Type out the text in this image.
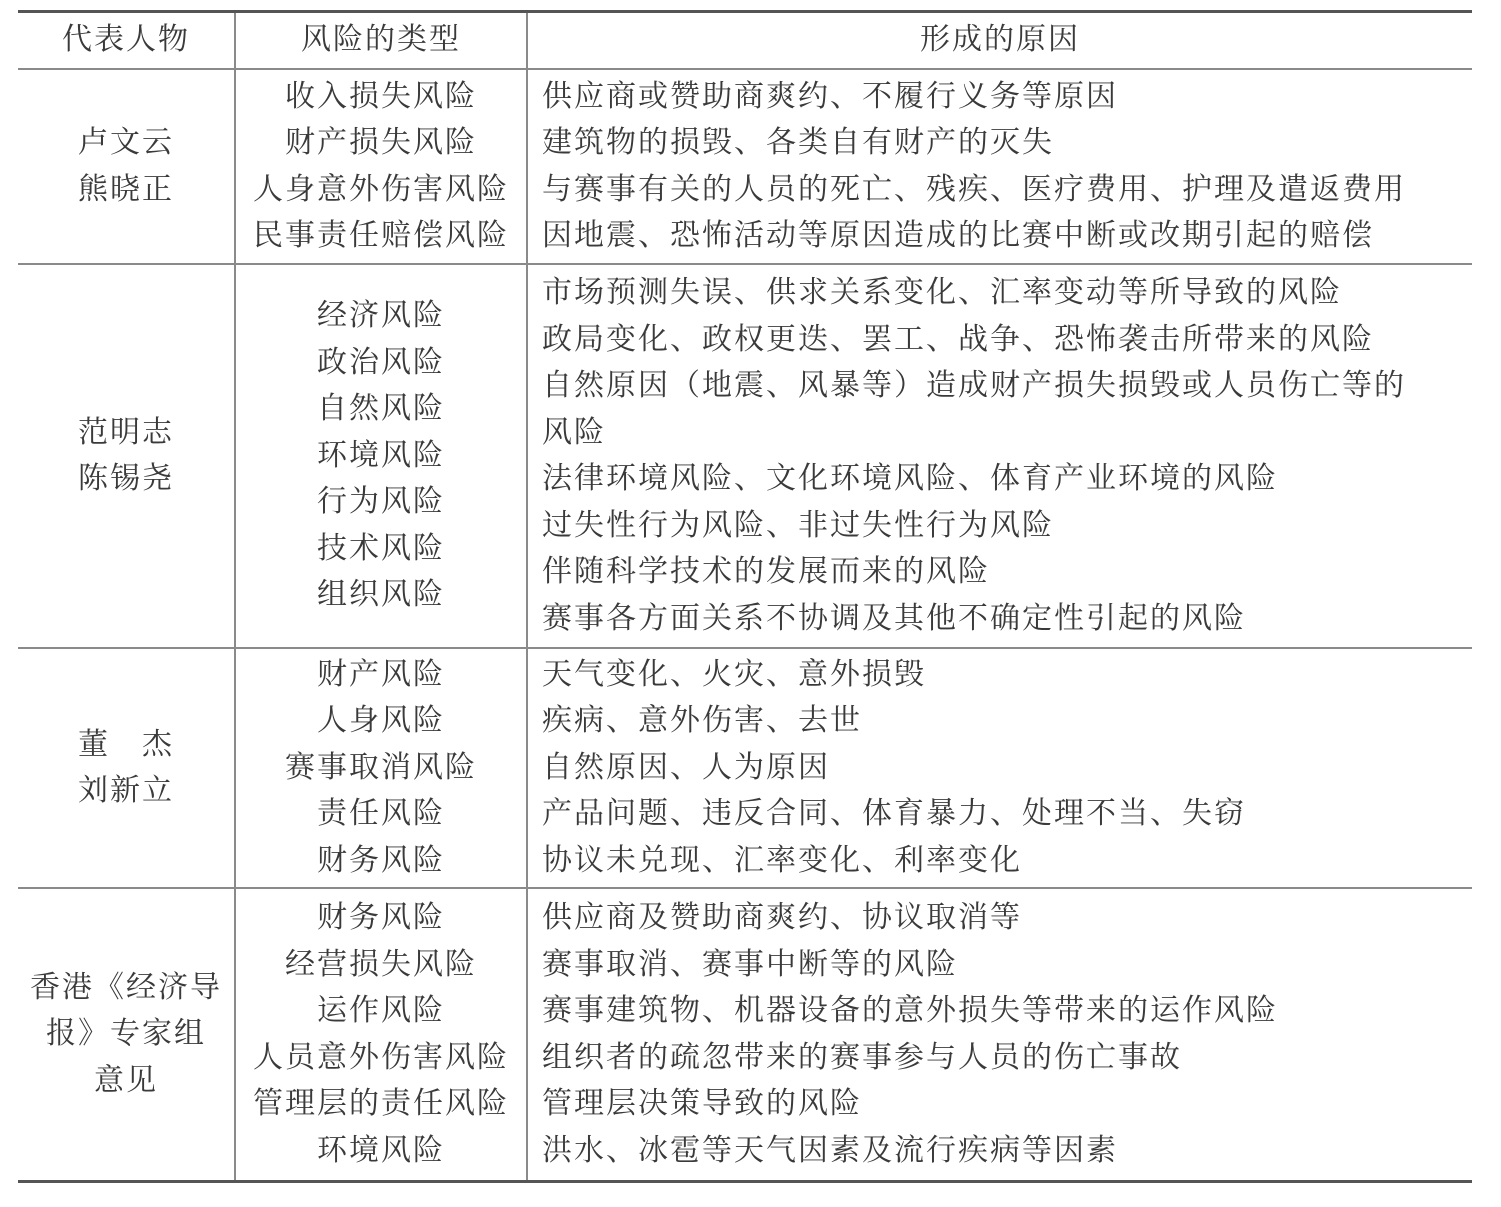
代表人物	风险的类型	形成的原因
卢文云
熊晓正
收入损失风险
财产损失风险
人身意外伤害风险
民事责任赔偿风险
供应商或赞助商爽约、不履行义务等原因
建筑物的损毁、各类自有财产的灭失
与赛事有关的人员的死亡、残疾、医疗费用、护理及遣返费用
因地震、恐怖活动等原因造成的比赛中断或改期引起的赔偿
范明志
陈锡尧
经济风险
政治风险
自然风险
环境风险
行为风险
技术风险
组织风险
市场预测失误、供求关系变化、汇率变动等所导致的风险
政局变化、政权更迭、罢工、战争、恐怖袭击所带来的风险
自然原因（地震、风暴等）造成财产损失损毁或人员伤亡等的
风险
法律环境风险、文化环境风险、体育产业环境的风险
过失性行为风险、非过失性行为风险
伴随科学技术的发展而来的风险
赛事各方面关系不协调及其他不确定性引起的风险
董　杰
刘新立
财产风险
人身风险
赛事取消风险
责任风险
财务风险
天气变化、火灾、意外损毁
疾病、意外伤害、去世
自然原因、人为原因
产品问题、违反合同、体育暴力、处理不当、失窃
协议未兑现、汇率变化、利率变化
香港《经济导
报》专家组
意见
财务风险
经营损失风险
运作风险
人员意外伤害风险
管理层的责任风险
环境风险
供应商及赞助商爽约、协议取消等
赛事取消、赛事中断等的风险
赛事建筑物、机器设备的意外损失等带来的运作风险
组织者的疏忽带来的赛事参与人员的伤亡事故
管理层决策导致的风险
洪水、冰雹等天气因素及流行疾病等因素
